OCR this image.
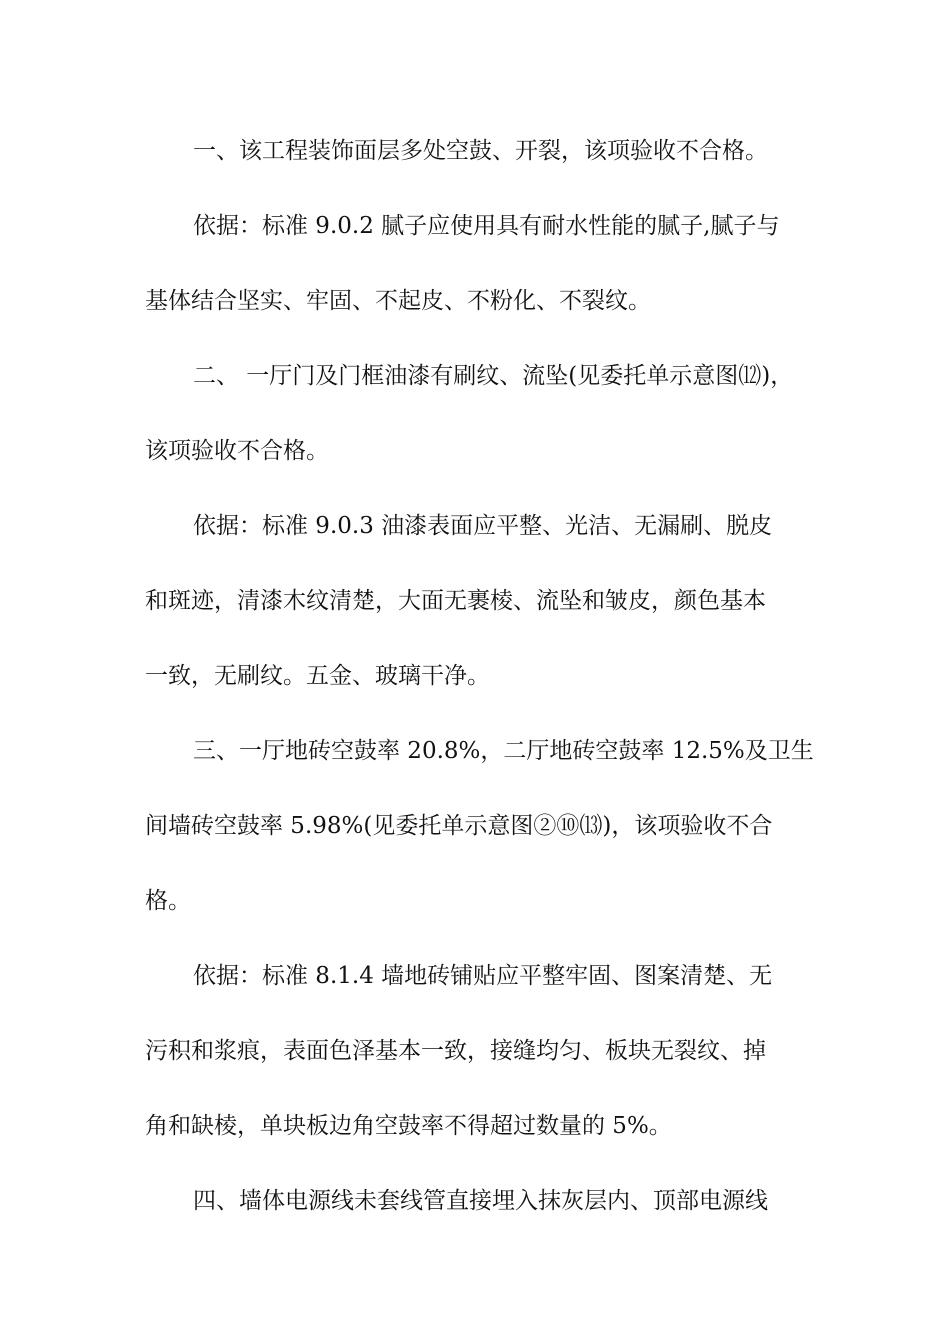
一、该工程装饰面层多处空鼓、开裂，该项验收不合格。
依据：标准 9.0.2 腻子应使用具有耐水性能的腻子,腻子与
基体结合坚实、牢固、不起皮、不粉化、不裂纹。
二、 一厅门及门框油漆有刷纹、流坠(见委托单示意图⑿)，
该项验收不合格。
依据：标准 9.0.3 油漆表面应平整、光洁、无漏刷、脱皮
和斑迹，清漆木纹清楚，大面无裹棱、流坠和皱皮，颜色基本
一致，无刷纹。五金、玻璃干净。
三、一厅地砖空鼓率 20.8%，二厅地砖空鼓率 12.5%及卫生
间墙砖空鼓率 5.98%(见委托单示意图②⑩⒀)，该项验收不合
格。
依据：标准 8.1.4 墙地砖铺贴应平整牢固、图案清楚、无
污积和浆痕，表面色泽基本一致，接缝均匀、板块无裂纹、掉
角和缺棱，单块板边角空鼓率不得超过数量的 5%。
四、墙体电源线未套线管直接埋入抹灰层内、顶部电源线
